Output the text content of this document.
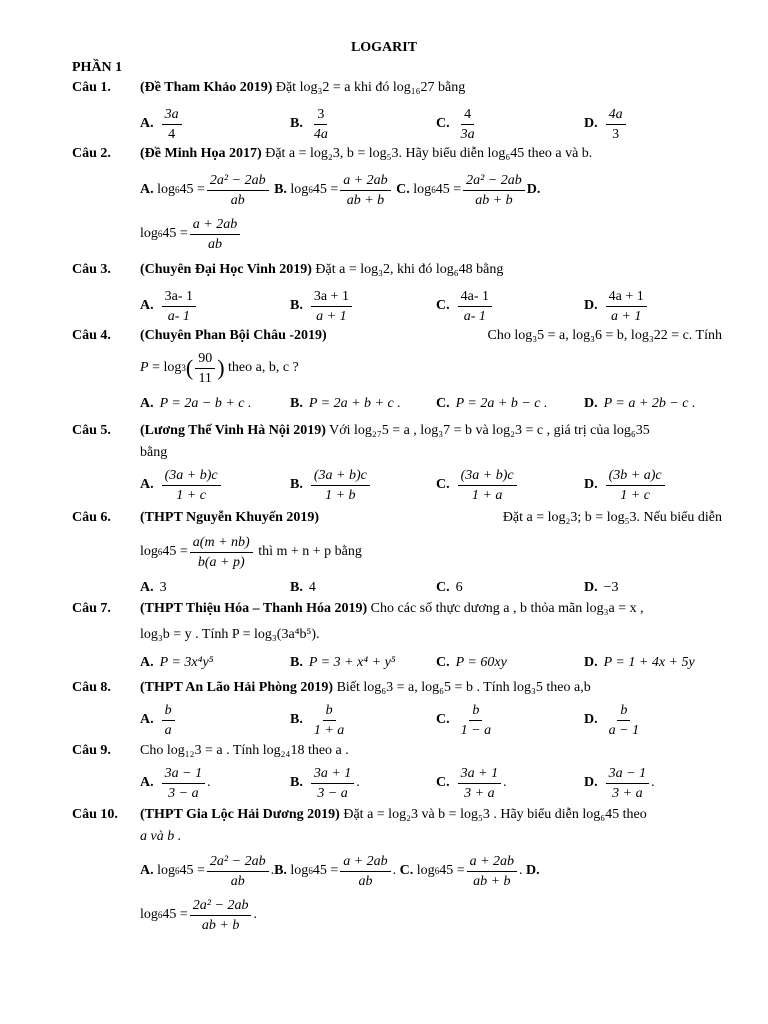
LOGARIT
PHẦN 1
Câu 1. (Đề Tham Khảo 2019) Đặt log₃2 = a khi đó log₁₆27 bằng
A. $\frac{3a}{4}$	B. $\frac{3}{4a}$	C. $\frac{4}{3a}$	D. $\frac{4a}{3}$
Câu 2. (Đề Minh Họa 2017) Đặt a = log₂3, b = log₅3. Hãy biểu diễn log₆45 theo a và b.
A. log 6 $45 = \frac{\text{2a² − 2ab}}{ab}$
B. log 6 $45 = \frac{a + 2ab}{ab + b}$
C. log 6 $45 = \frac{\text{2a² − 2ab}}{ab + b} D$.
log 6 $45 = \frac{a + 2ab}{ab}$
Câu 3. (Chuyên Đại Học Vinh 2019) Đặt a = log₃2, khi đó log₆48 bằng
A. $\frac{3a- 1}{a- 1}$	B. $\frac{3a + 1}{a + 1}$	C. $\frac{4a- 1}{a- 1}$	D. $\frac{4a + 1}{a + 1}$
Câu 4. (Chuyên Phan Bội Châu -2019)	Cho log₃5 = a, log₃6 = b, log₃22 = c. Tính
P = log 3 ( $\frac{90}{11}$ )
theo a, b, c ?
A. P = 2a − b + c .	B. P = 2a + b + c .	C. P = 2a + b − c .	D. P = a + 2b − c .
Câu 5. (Lương Thế Vinh Hà Nội 2019) Với log₂₇5 = a , log₃7 = b và log₂3 = c , giá trị của log₆35
bằng
A. $\frac{(3a + b)c}{1 + c}$	B. $\frac{(3a + b)c}{1 + b}$	C. $\frac{(3a + b)c}{1 + a}$	D. $\frac{(3b + a)c}{1 + c}$
Câu 6. (THPT Nguyễn Khuyến 2019)	Đặt a = log₂3; b = log₅3. Nếu biểu diễn
log 6 $45 = \frac{a(m + nb)}{b(a + p)}$
thì m + n + p bằng
A. 3	B. 4	C. 6	D. −3
Câu 7. (THPT Thiệu Hóa – Thanh Hóa 2019) Cho các số thực dương a , b thỏa mãn log₃a = x ,
log₃b = y . Tính P = log₃(3a⁴b⁵).
A. P = 3x⁴y⁵	B. P = 3 + x⁴ + y⁵	C. P = 60xy	D. P = 1 + 4x + 5y
Câu 8. (THPT An Lão Hải Phòng 2019) Biết log₆3 = a, log₆5 = b . Tính log₃5 theo a,b
A. $\frac{b}{a}$	B. $\frac{b}{1 + a}$	C. $\frac{b}{1 - a}$	D. $\frac{b}{a - 1}$
Câu 9. Cho log₁₂3 = a . Tính log₂₄18 theo a .
A. $\frac{3a - 1}{3 - a}$ .	B. $\frac{3a + 1}{3 - a}$ .	C. $\frac{3a + 1}{3 + a}$ .	D. $\frac{3a - 1}{3 + a}$ .
Câu 10. (THPT Gia Lộc Hải Dương 2019) Đặt a = log₂3 và b = log₅3 . Hãy biểu diễn log₆45 theo
a và b .
A. log 6 $45 = \frac{\text{2a² − 2ab}}{ab}$ . B. log 6 $45 = \frac{a + 2ab}{ab}$ . C. log 6 $45 = \frac{a + 2ab}{ab + b}$ . D.
log 6 $45 = \frac{\text{2a² − 2ab}}{ab + b}$ .
